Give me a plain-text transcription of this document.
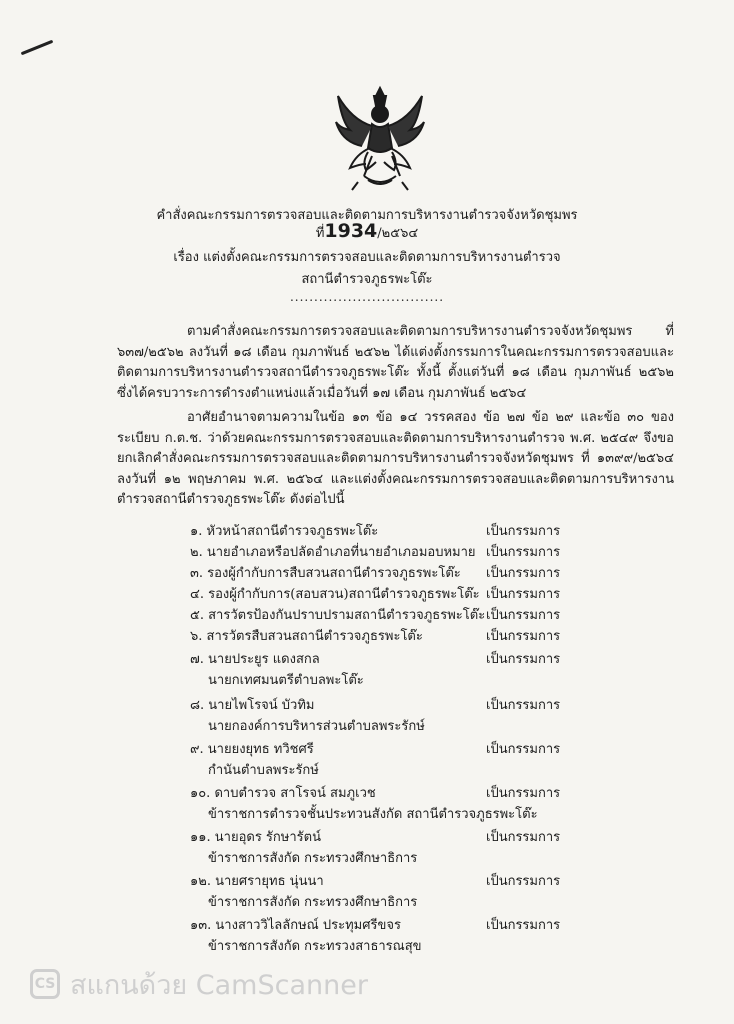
คำสั่งคณะกรรมการตรวจสอบและติดตามการบริหารงานตำรวจจังหวัดชุมพร
ที่1934/๒๕๖๔
เรื่อง แต่งตั้งคณะกรรมการตรวจสอบและติดตามการบริหารงานตำรวจ
สถานีตำรวจภูธรพะโต๊ะ
................................

ตามคำสั่งคณะกรรมการตรวจสอบและติดตามการบริหารงานตำรวจจังหวัดชุมพร ที่ ๖๓๗/๒๕๖๒ ลงวันที่ ๑๘ เดือน กุมภาพันธ์ ๒๕๖๒ ได้แต่งตั้งกรรมการในคณะกรรมการตรวจสอบและติดตามการบริหารงานตำรวจสถานีตำรวจภูธรพะโต๊ะ ทั้งนี้ ตั้งแต่วันที่ ๑๘ เดือน กุมภาพันธ์ ๒๕๖๒ ซึ่งได้ครบวาระการดำรงตำแหน่งแล้วเมื่อวันที่ ๑๗ เดือน กุมภาพันธ์ ๒๕๖๔

อาศัยอำนาจตามความในข้อ ๑๓ ข้อ ๑๔ วรรคสอง ข้อ ๒๗ ข้อ ๒๙ และข้อ ๓๐ ของระเบียบ ก.ต.ช. ว่าด้วยคณะกรรมการตรวจสอบและติดตามการบริหารงานตำรวจ พ.ศ. ๒๕๔๙ จึงขอยกเลิกคำสั่งคณะกรรมการตรวจสอบและติดตามการบริหารงานตำรวจจังหวัดชุมพร ที่ ๑๓๙๙/๒๕๖๔ ลงวันที่ ๑๒ พฤษภาคม พ.ศ. ๒๕๖๔ และแต่งตั้งคณะกรรมการตรวจสอบและติดตามการบริหารงานตำรวจสถานีตำรวจภูธรพะโต๊ะ ดังต่อไปนี้

๑. หัวหน้าสถานีตำรวจภูธรพะโต๊ะ	เป็นกรรมการ
๒. นายอำเภอหรือปลัดอำเภอที่นายอำเภอมอบหมาย เป็นกรรมการ
๓. รองผู้กำกับการสืบสวนสถานีตำรวจภูธรพะโต๊ะ	เป็นกรรมการ
๔. รองผู้กำกับการ(สอบสวน)สถานีตำรวจภูธรพะโต๊ะ เป็นกรรมการ
๕. สารวัตรป้องกันปราบปรามสถานีตำรวจภูธรพะโต๊ะ เป็นกรรมการ
๖. สารวัตรสืบสวนสถานีตำรวจภูธรพะโต๊ะ	เป็นกรรมการ
๗. นายประยูร แดงสกล	เป็นกรรมการ
นายกเทศมนตรีตำบลพะโต๊ะ
๘. นายไพโรจน์ บัวทิม	เป็นกรรมการ
นายกองค์การบริหารส่วนตำบลพระรักษ์
๙. นายยงยุทธ ทวิชศรี	เป็นกรรมการ
กำนันตำบลพระรักษ์
๑๐. ดาบตำรวจ สาโรจน์ สมภูเวช	เป็นกรรมการ
ข้าราชการตำรวจชั้นประทวนสังกัด สถานีตำรวจภูธรพะโต๊ะ
๑๑. นายอุดร รักษารัตน์	เป็นกรรมการ
ข้าราชการสังกัด กระทรวงศึกษาธิการ
๑๒. นายศรายุทธ นุ่นนา	เป็นกรรมการ
ข้าราชการสังกัด กระทรวงศึกษาธิการ
๑๓. นางสาววิไลลักษณ์ ประทุมศรีขจร	เป็นกรรมการ
ข้าราชการสังกัด กระทรวงสาธารณสุข
CS สแกนด้วย CamScanner
